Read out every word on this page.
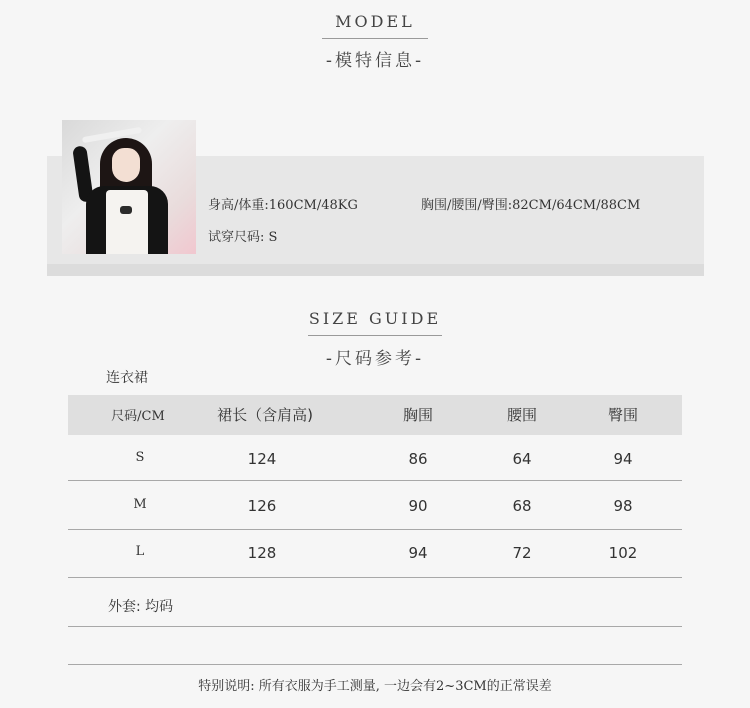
MODEL
-模特信息-
身高/体重:160CM/48KG	胸围/腰围/臀围:82CM/64CM/88CM
试穿尺码: S
SIZE GUIDE
-尺码参考-
连衣裙
尺码/CM	裙长（含肩高)	胸围	腰围	臀围
S	124	86	64	94
M	126	90	68	98
L	128	94	72	102
外套: 均码
特别说明: 所有衣服为手工测量, 一边会有2~3CM的正常误差
